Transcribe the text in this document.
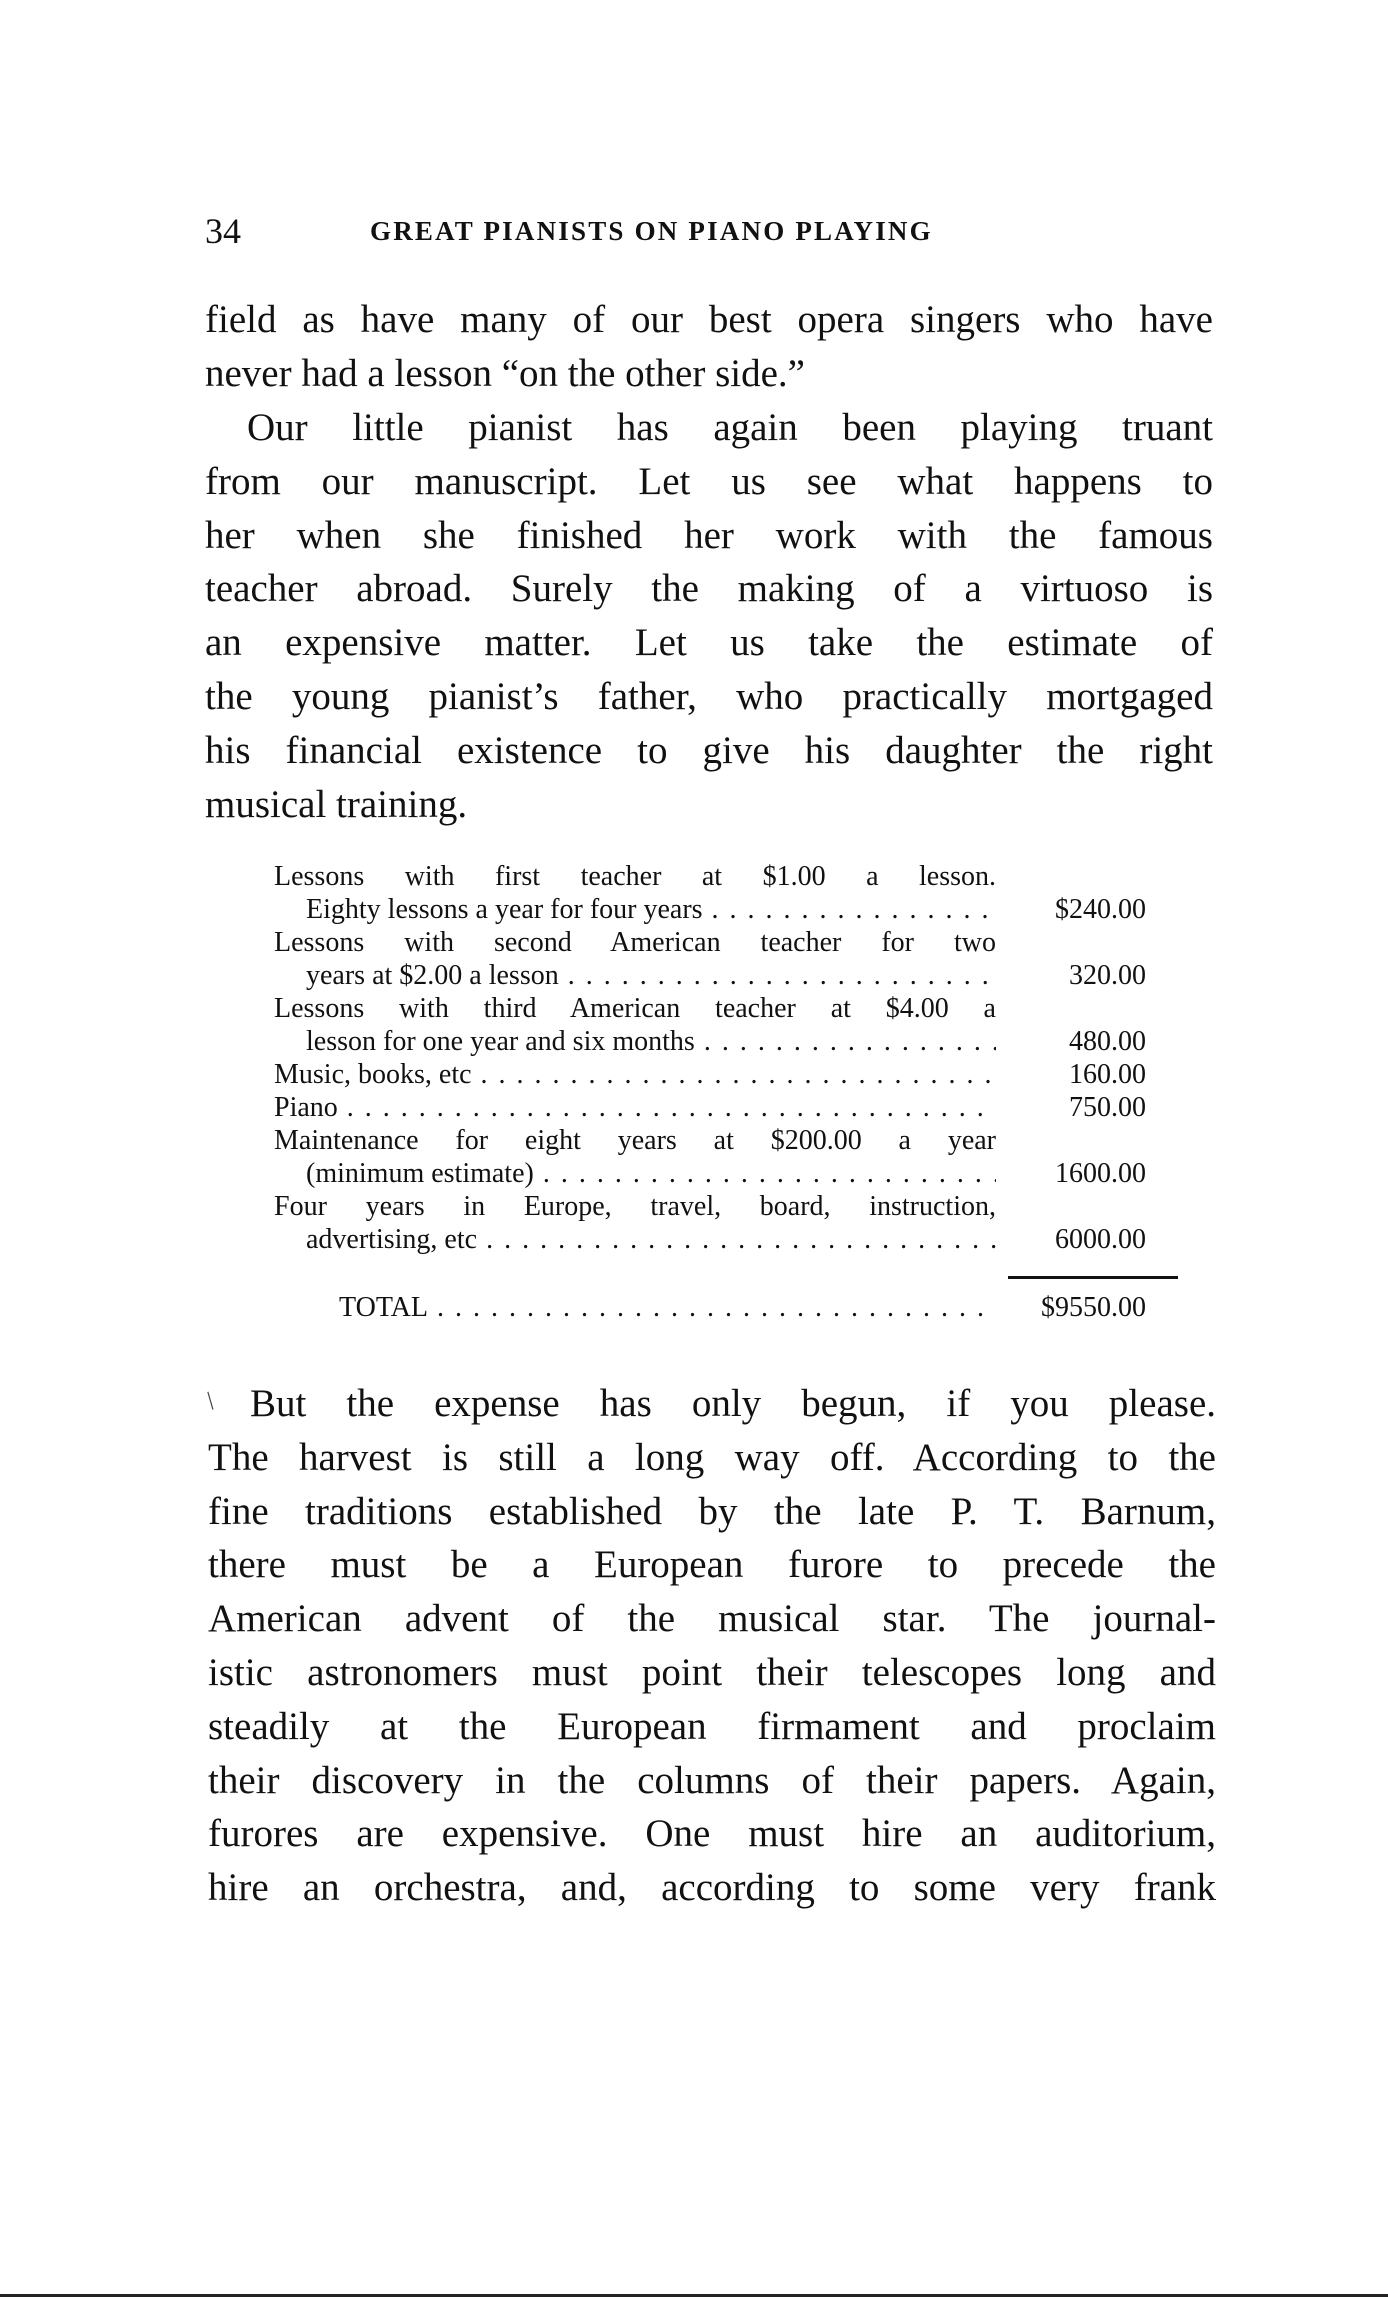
34	GREAT PIANISTS ON PIANO PLAYING
field as have many of our best opera singers who have
never had a lesson “on the other side.”
Our little pianist has again been playing truant
from our manuscript. Let us see what happens to
her when she finished her work with the famous
teacher abroad. Surely the making of a virtuoso is
an expensive matter. Let us take the estimate of
the young pianist’s father, who practically mortgaged
his financial existence to give his daughter the right
musical training.
Lessons with first teacher at $1.00 a lesson.
Eighty lessons a year for four years . . .	$240.00
Lessons with second American teacher for two
years at $2.00 a lesson . . .	320.00
Lessons with third American teacher at $4.00 a
lesson for one year and six months . . .	480.00
Music, books, etc . . .	160.00
Piano . . .	750.00
Maintenance for eight years at $200.00 a year
(minimum estimate) . . .	1600.00
Four years in Europe, travel, board, instruction,
advertising, etc . . .	6000.00
TOTAL . . .	$9550.00
/ But the expense has only begun, if you please.
The harvest is still a long way off. According to the
fine traditions established by the late P. T. Barnum,
there must be a European furore to precede the
American advent of the musical star. The journal-
istic astronomers must point their telescopes long and
steadily at the European firmament and proclaim
their discovery in the columns of their papers. Again,
furores are expensive. One must hire an auditorium,
hire an orchestra, and, according to some very frank
